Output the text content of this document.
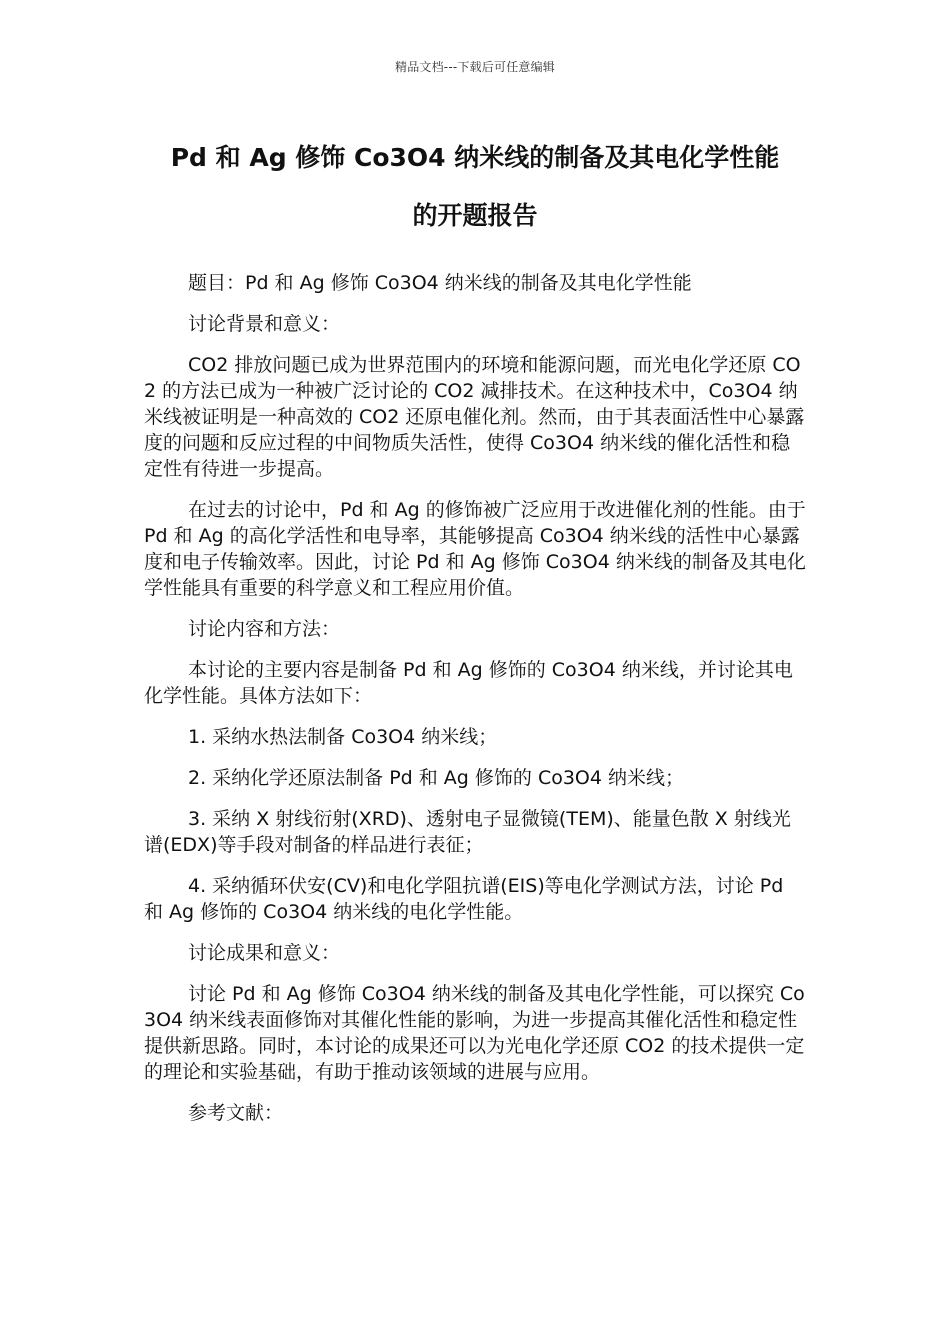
精品文档---下载后可任意编辑
Pd 和 Ag 修饰 Co3O4 纳米线的制备及其电化学性能
的开题报告

题目：Pd 和 Ag 修饰 Co3O4 纳米线的制备及其电化学性能

讨论背景和意义：

CO2 排放问题已成为世界范围内的环境和能源问题，而光电化学还原 CO2 的方法已成为一种被广泛讨论的 CO2 减排技术。在这种技术中，Co3O4 纳米线被证明是一种高效的 CO2 还原电催化剂。然而，由于其表面活性中心暴露度的问题和反应过程的中间物质失活性，使得 Co3O4 纳米线的催化活性和稳定性有待进一步提高。

在过去的讨论中，Pd 和 Ag 的修饰被广泛应用于改进催化剂的性能。由于 Pd 和 Ag 的高化学活性和电导率，其能够提高 Co3O4 纳米线的活性中心暴露度和电子传输效率。因此，讨论 Pd 和 Ag 修饰 Co3O4 纳米线的制备及其电化学性能具有重要的科学意义和工程应用价值。

讨论内容和方法：

本讨论的主要内容是制备 Pd 和 Ag 修饰的 Co3O4 纳米线，并讨论其电化学性能。具体方法如下：

1. 采纳水热法制备 Co3O4 纳米线；

2. 采纳化学还原法制备 Pd 和 Ag 修饰的 Co3O4 纳米线；

3. 采纳 X 射线衍射(XRD)、透射电子显微镜(TEM)、能量色散 X 射线光谱(EDX)等手段对制备的样品进行表征；

4. 采纳循环伏安(CV)和电化学阻抗谱(EIS)等电化学测试方法，讨论 Pd 和 Ag 修饰的 Co3O4 纳米线的电化学性能。

讨论成果和意义：

讨论 Pd 和 Ag 修饰 Co3O4 纳米线的制备及其电化学性能，可以探究 Co3O4 纳米线表面修饰对其催化性能的影响，为进一步提高其催化活性和稳定性提供新思路。同时，本讨论的成果还可以为光电化学还原 CO2 的技术提供一定的理论和实验基础，有助于推动该领域的进展与应用。

参考文献：
